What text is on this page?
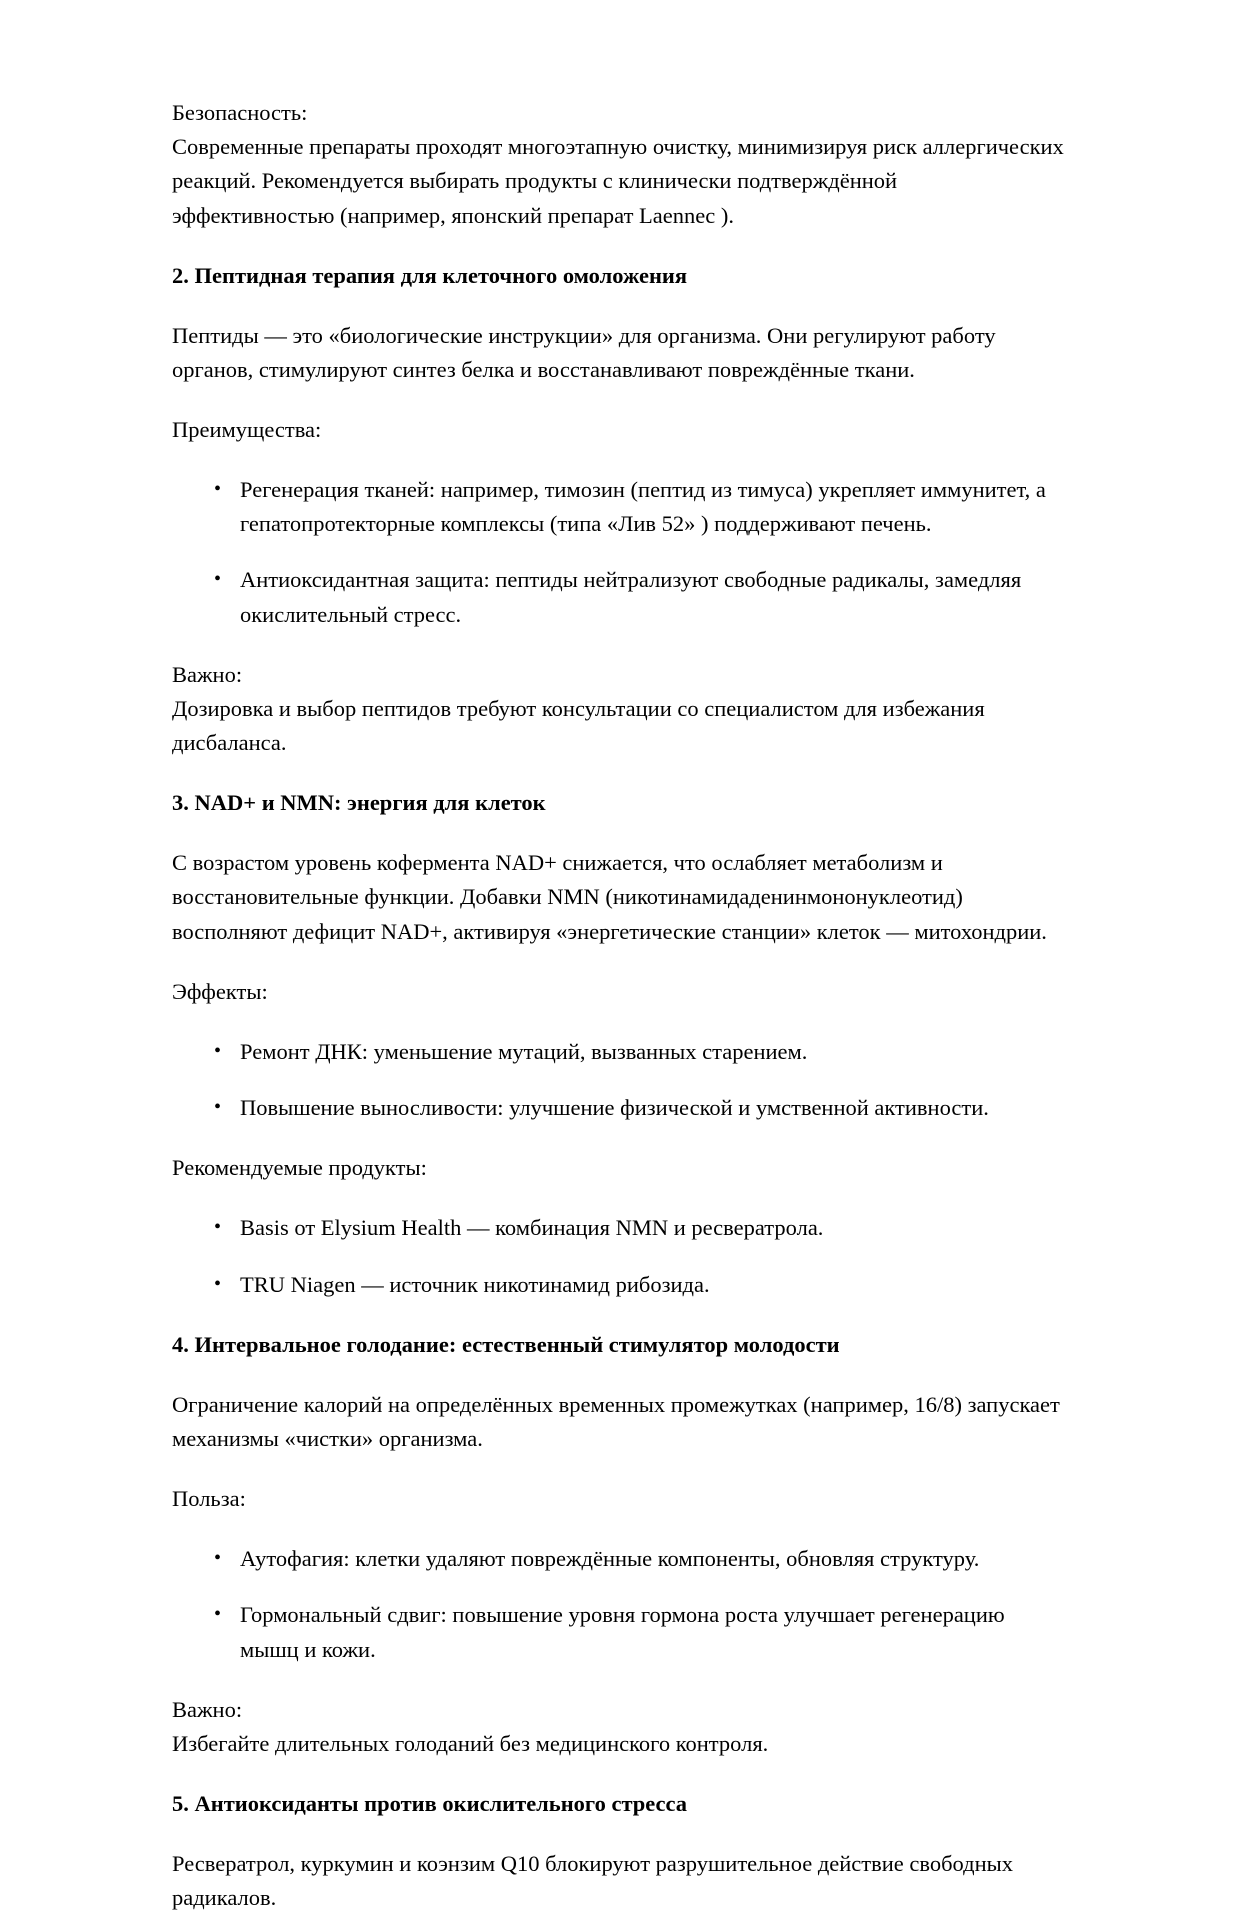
Безопасность:

Современные препараты проходят многоэтапную очистку, минимизируя риск аллергических реакций. Рекомендуется выбирать продукты с клинически подтверждённой эффективностью (например, японский препарат Laennec ).

2. Пептидная терапия для клеточного омоложения

Пептиды — это «биологические инструкции» для организма. Они регулируют работу органов, стимулируют синтез белка и восстанавливают повреждённые ткани.

Преимущества:

• Регенерация тканей: например, тимозин (пептид из тимуса) укрепляет иммунитет, а гепатопротекторные комплексы (типа «Лив 52» ) поддерживают печень.
• Антиоксидантная защита: пептиды нейтрализуют свободные радикалы, замедляя окислительный стресс.

Важно:

Дозировка и выбор пептидов требуют консультации со специалистом для избежания дисбаланса.

3. NAD+ и NMN: энергия для клеток

С возрастом уровень кофермента NAD+ снижается, что ослабляет метаболизм и восстановительные функции. Добавки NMN (никотинамидаденинмононуклеотид) восполняют дефицит NAD+, активируя «энергетические станции» клеток — митохондрии.

Эффекты:

• Ремонт ДНК: уменьшение мутаций, вызванных старением.
• Повышение выносливости: улучшение физической и умственной активности.

Рекомендуемые продукты:

• Basis от Elysium Health — комбинация NMN и ресвератрола.
• TRU Niagen — источник никотинамид рибозида.
4. Интервальное голодание: естественный стимулятор молодости

Ограничение калорий на определённых временных промежутках (например, 16/8) запускает механизмы «чистки» организма.

Польза:

• Аутофагия: клетки удаляют повреждённые компоненты, обновляя структуру.
• Гормональный сдвиг: повышение уровня гормона роста улучшает регенерацию мышц и кожи.

Важно:

Избегайте длительных голоданий без медицинского контроля.

5. Антиоксиданты против окислительного стресса

Ресвератрол, куркумин и коэнзим Q10 блокируют разрушительное действие свободных радикалов.
